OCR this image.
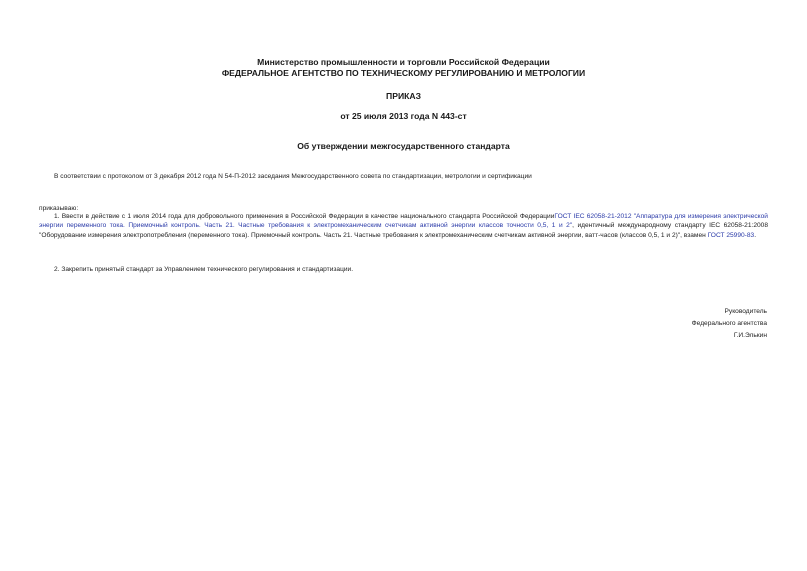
Министерство промышленности и торговли Российской Федерации
ФЕДЕРАЛЬНОЕ АГЕНТСТВО ПО ТЕХНИЧЕСКОМУ РЕГУЛИРОВАНИЮ И МЕТРОЛОГИИ
ПРИКАЗ
от 25 июля 2013 года N 443-ст
Об утверждении межгосударственного стандарта
В соответствии с протоколом от 3 декабря 2012 года N 54-П-2012 заседания Межгосударственного совета по стандартизации, метрологии и сертификации
приказываю:
1. Ввести в действие с 1 июля 2014 года для добровольного применения в Российской Федерации в качестве национального стандарта Российской ФедерацииГОСТ IEC 62058-21-2012 "Аппаратура для измерения электрической энергии переменного тока. Приемочный контроль. Часть 21. Частные требования к электромеханическим счетчикам активной энергии классов точности 0,5, 1 и 2", идентичный международному стандарту IEC 62058-21:2008 "Оборудование измерения электропотребления (переменного тока). Приемочный контроль. Часть 21. Частные требования к электромеханическим счетчикам активной энергии, ватт-часов (классов 0,5, 1 и 2)", взамен ГОСТ 25990-83.
2. Закрепить принятый стандарт за Управлением технического регулирования и стандартизации.
Руководитель
Федерального агентства
Г.И.Элькин
